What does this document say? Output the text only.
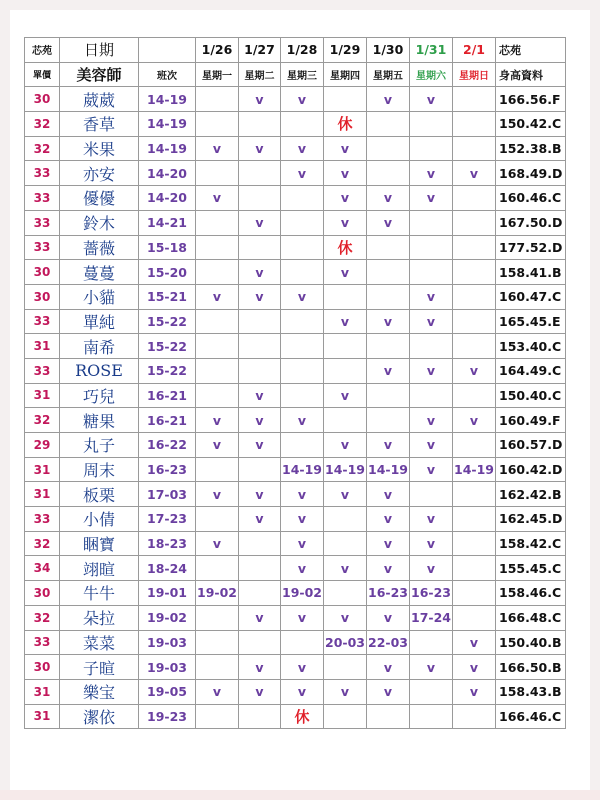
芯苑	日期		1/26	1/27	1/28	1/29	1/30	1/31	2/1	芯苑
單價	美容師	班次	星期一	星期二	星期三	星期四	星期五	星期六	星期日	身高資料
30	葳葳	14-19		v	v		v	v		166.56.F
32	香草	14-19				休				150.42.C
32	米果	14-19	v	v	v	v				152.38.B
33	亦安	14-20			v	v		v	v	168.49.D
33	優優	14-20	v			v	v	v		160.46.C
33	鈴木	14-21		v		v	v			167.50.D
33	薔薇	15-18				休				177.52.D
30	蔓蔓	15-20		v		v				158.41.B
30	小貓	15-21	v	v	v			v		160.47.C
33	單純	15-22				v	v	v		165.45.E
31	南希	15-22								153.40.C
33	ROSE	15-22					v	v	v	164.49.C
31	巧兒	16-21		v		v				150.40.C
32	糖果	16-21	v	v	v			v	v	160.49.F
29	丸子	16-22	v	v		v	v	v		160.57.D
31	周末	16-23			14-19	14-19	14-19	v	14-19	160.42.D
31	板栗	17-03	v	v	v	v	v			162.42.B
33	小倩	17-23		v	v		v	v		162.45.D
32	睏寶	18-23	v		v		v	v		158.42.C
34	翊暄	18-24			v	v	v	v		155.45.C
30	牛牛	19-01	19-02		19-02		16-23	16-23		158.46.C
32	朵拉	19-02		v	v	v	v	17-24		166.48.C
33	菜菜	19-03				20-03	22-03		v	150.40.B
30	子暄	19-03		v	v		v	v	v	166.50.B
31	樂宝	19-05	v	v	v	v	v		v	158.43.B
31	潔依	19-23			休					166.46.C
